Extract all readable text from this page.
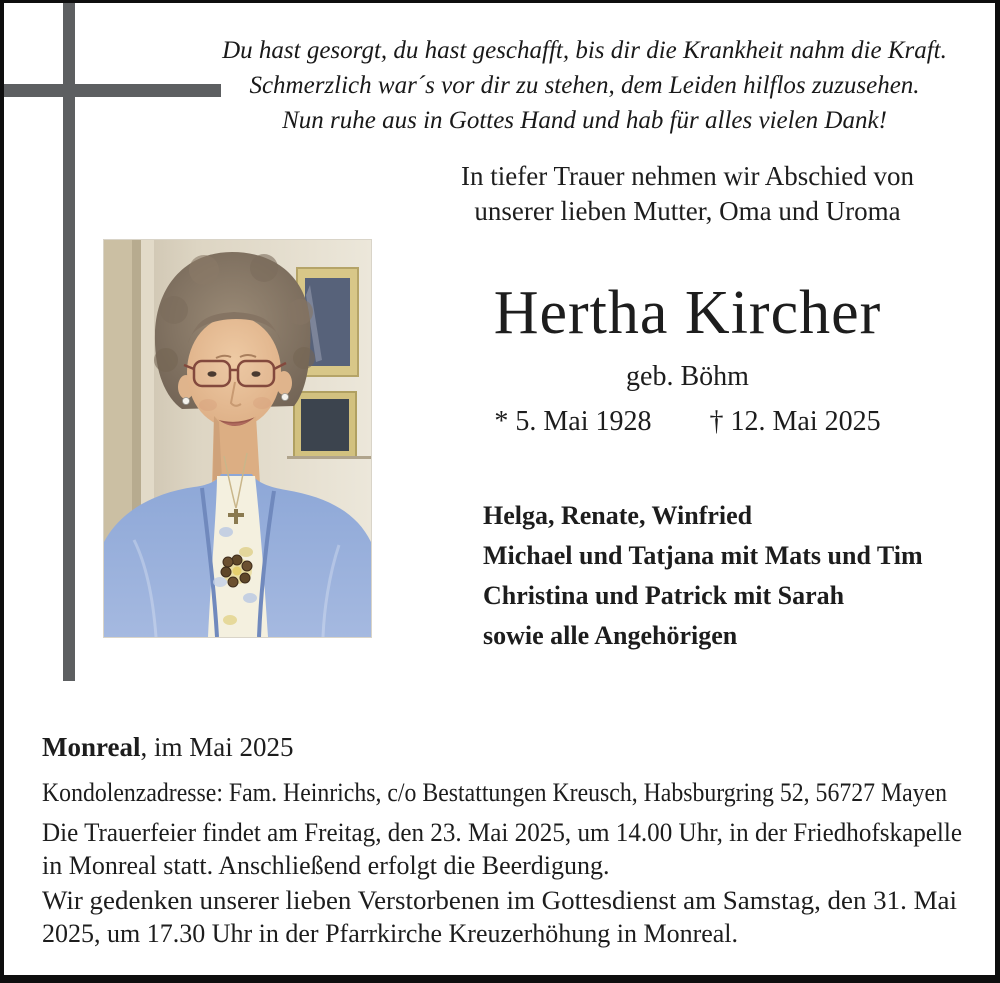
Du hast gesorgt, du hast geschafft, bis dir die Krankheit nahm die Kraft.
Schmerzlich war´s vor dir zu stehen, dem Leiden hilflos zuzusehen.
Nun ruhe aus in Gottes Hand und hab für alles vielen Dank!
In tiefer Trauer nehmen wir Abschied von
unserer lieben Mutter, Oma und Uroma
Hertha Kircher
geb. Böhm
* 5. Mai 1928 † 12. Mai 2025
Helga, Renate, Winfried
Michael und Tatjana mit Mats und Tim
Christina und Patrick mit Sarah
sowie alle Angehörigen
Monreal, im Mai 2025
Kondolenzadresse: Fam. Heinrichs, c/o Bestattungen Kreusch, Habsburgring 52, 56727 Mayen
Die Trauerfeier findet am Freitag, den 23. Mai 2025, um 14.00 Uhr, in der Friedhofskapelle
in Monreal statt. Anschließend erfolgt die Beerdigung.
Wir gedenken unserer lieben Verstorbenen im Gottesdienst am Samstag, den 31. Mai
2025, um 17.30 Uhr in der Pfarrkirche Kreuzerhöhung in Monreal.
